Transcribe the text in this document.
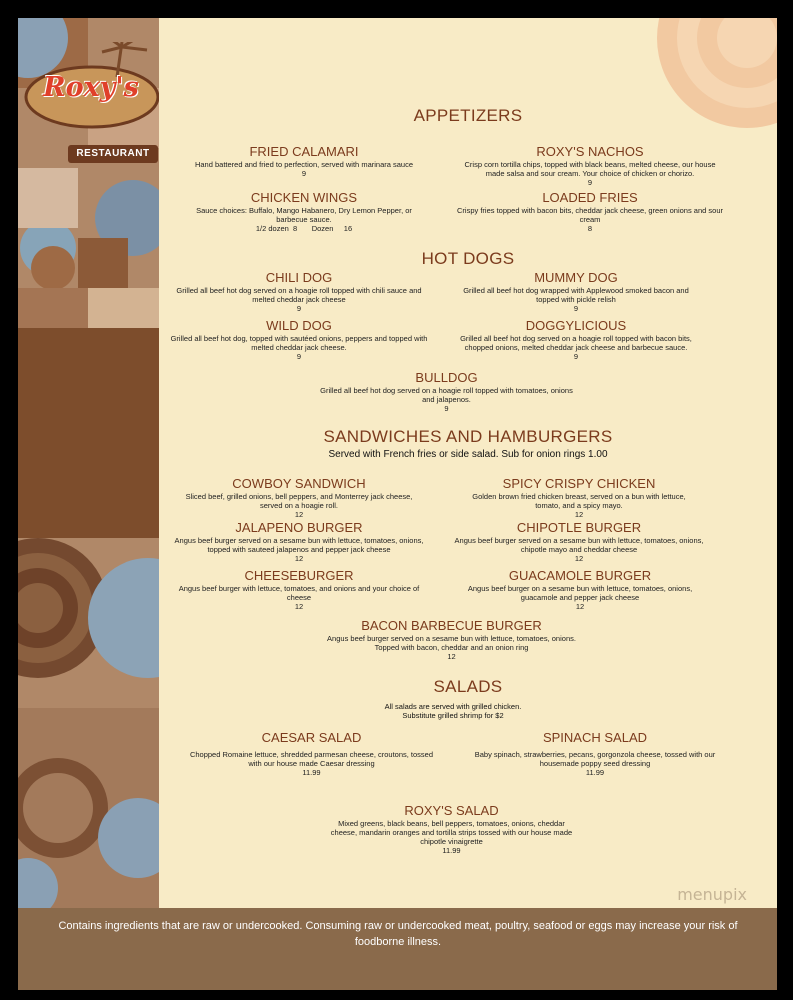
Roxy's
RESTAURANT
APPETIZERS
FRIED CALAMARI
Hand battered and fried to perfection, served with marinara sauce
9
ROXY'S NACHOS
Crisp corn tortilla chips, topped with black beans, melted cheese, our house made salsa and sour cream. Your choice of chicken or chorizo.
9
CHICKEN WINGS
Sauce choices: Buffalo, Mango Habanero, Dry Lemon Pepper, or barbecue sauce.
1/2 dozen  8       Dozen     16
LOADED FRIES
Crispy fries topped with bacon bits, cheddar jack cheese, green onions and sour cream
8
HOT DOGS
CHILI DOG
Grilled all beef hot dog served on a hoagie roll topped with chili sauce and melted cheddar jack cheese
9
MUMMY DOG
Grilled all beef hot dog wrapped with Applewood smoked bacon and topped with pickle relish
9
WILD DOG
Grilled all beef hot dog, topped with sautéed onions, peppers and topped with melted cheddar jack cheese.
9
DOGGYLICIOUS
Grilled all beef hot dog served on a hoagie roll topped with bacon bits, chopped onions, melted cheddar jack cheese and barbecue sauce.
9
BULLDOG
Grilled all beef hot dog served on a hoagie roll topped with tomatoes, onions and jalapenos.
9
SANDWICHES AND HAMBURGERS
Served with French fries or side salad. Sub for onion rings 1.00
COWBOY SANDWICH
Sliced beef, grilled onions, bell peppers, and Monterrey jack cheese, served on a hoagie roll.
12
SPICY CRISPY CHICKEN
Golden brown fried chicken breast, served on a bun with lettuce, tomato, and a spicy mayo.
12
JALAPENO BURGER
Angus beef burger served on a sesame bun with lettuce, tomatoes, onions, topped with sauteed jalapenos and pepper jack cheese
12
CHIPOTLE BURGER
Angus beef burger served on a sesame bun with lettuce, tomatoes, onions, chipotle mayo and cheddar cheese
12
CHEESEBURGER
Angus beef burger with lettuce, tomatoes, and onions and your choice of cheese
12
GUACAMOLE BURGER
Angus beef burger on a sesame bun with lettuce, tomatoes, onions, guacamole and pepper jack cheese
12
BACON BARBECUE BURGER
Angus beef burger served on a sesame bun with lettuce, tomatoes, onions. Topped with bacon, cheddar and an onion ring
12
SALADS
All salads are served with grilled chicken. Substitute grilled shrimp for $2
CAESAR SALAD
Chopped Romaine lettuce, shredded parmesan cheese, croutons, tossed with our house made Caesar dressing
11.99
SPINACH SALAD
Baby spinach, strawberries, pecans, gorgonzola cheese, tossed with our housemade poppy seed dressing
11.99
ROXY'S SALAD
Mixed greens, black beans, bell peppers, tomatoes, onions, cheddar cheese, mandarin oranges and tortilla strips tossed with our house made chipotle vinaigrette
11.99
menupix
Contains ingredients that are raw or undercooked. Consuming raw or undercooked meat, poultry, seafood or eggs may increase your risk of foodborne illness.
